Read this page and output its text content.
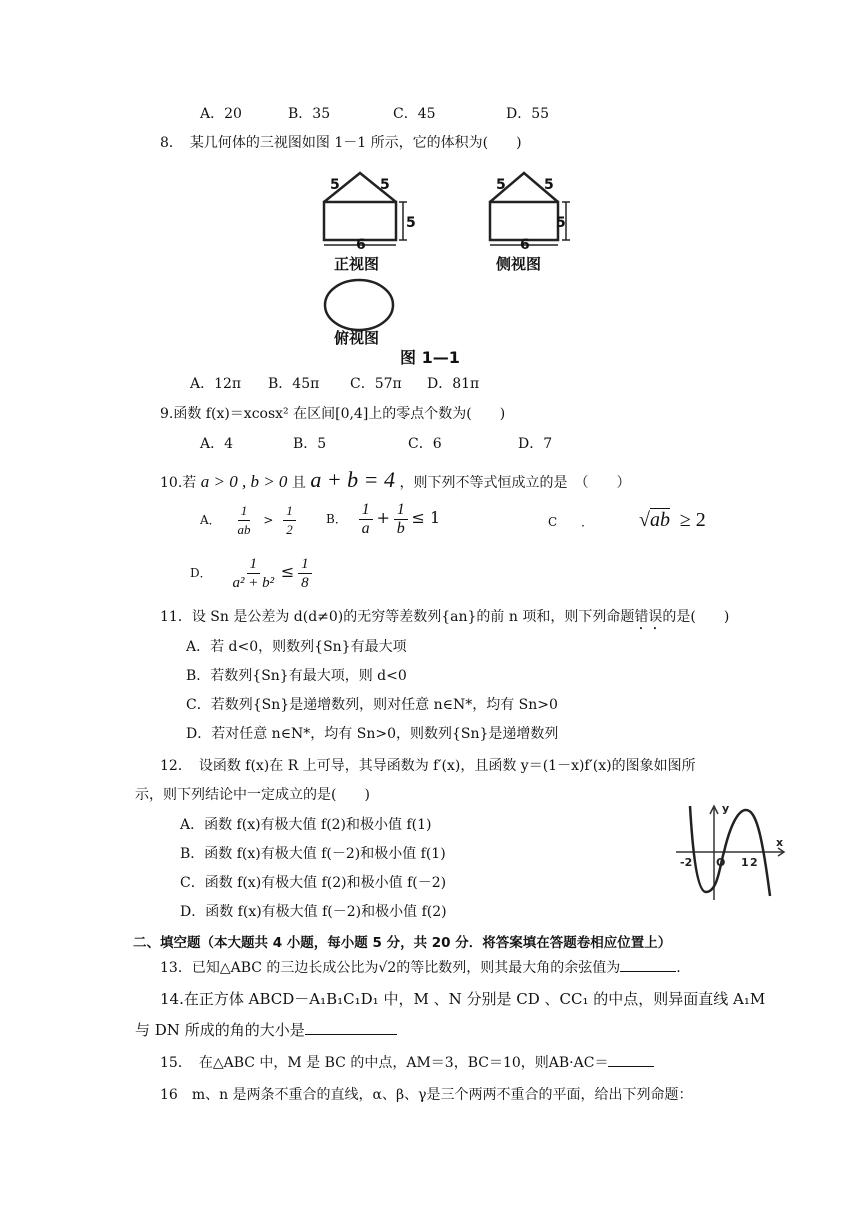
A．20	B．35	C．45	D．55
8．　某几何体的三视图如图 1－1 所示，它的体积为(　　)
5	5
5
6
5	5
5
6
正视图	侧视图
俯视图
图 1—1
A．12π B．45π C．57π D．81π
9.函数 f(x)＝xcosx² 在区间[0,4]上的零点个数为(　　)
A．4	B．5	C．6	D．7
10.若 a > 0 , b > 0 且 a + b = 4 ，则下列不等式恒成立的是　（　　）
A． $\frac{1}{ab} > \frac{1}{2}$	B． $\frac{1}{a} + \frac{1}{b} \le 1$	C　　． √ab ≥ 2
D． $\frac{1}{\text{a² + b²}} \le \frac{1}{8}$
11．设 Sn 是公差为 d(d≠0)的无穷等差数列{an}的前 n 项和，则下列命题错误的是(　　)
A．若 d<0，则数列{Sn}有最大项
B．若数列{Sn}有最大项，则 d<0
C．若数列{Sn}是递增数列，则对任意 n∈N*，均有 Sn>0
D．若对任意 n∈N*，均有 Sn>0，则数列{Sn}是递增数列
12．　设函数 f(x)在 R 上可导，其导函数为 f′(x)，且函数 y＝(1－x)f′(x)的图象如图所
示，则下列结论中一定成立的是(　　)
A．函数 f(x)有极大值 f(2)和极小值 f(1)
B．函数 f(x)有极大值 f(－2)和极小值 f(1)
C．函数 f(x)有极大值 f(2)和极小值 f(－2)
D．函数 f(x)有极大值 f(－2)和极小值 f(2)
y
x
-2 O 1 2
二、填空题（本大题共 4 小题，每小题 5 分，共 20 分．将答案填在答题卷相应位置上）
13．已知△ABC 的三边长成公比为√2的等比数列，则其最大角的余弦值为	.
14.在正方体 ABCD－A₁B₁C₁D₁ 中，M 、N 分别是 CD 、CC₁ 的中点，则异面直线 A₁M
与 DN 所成的角的大小是
15．　在△ABC 中，M 是 BC 的中点，AM＝3，BC＝10，则AB·AC＝
16　m、n 是两条不重合的直线，α、β、γ是三个两两不重合的平面，给出下列命题：
